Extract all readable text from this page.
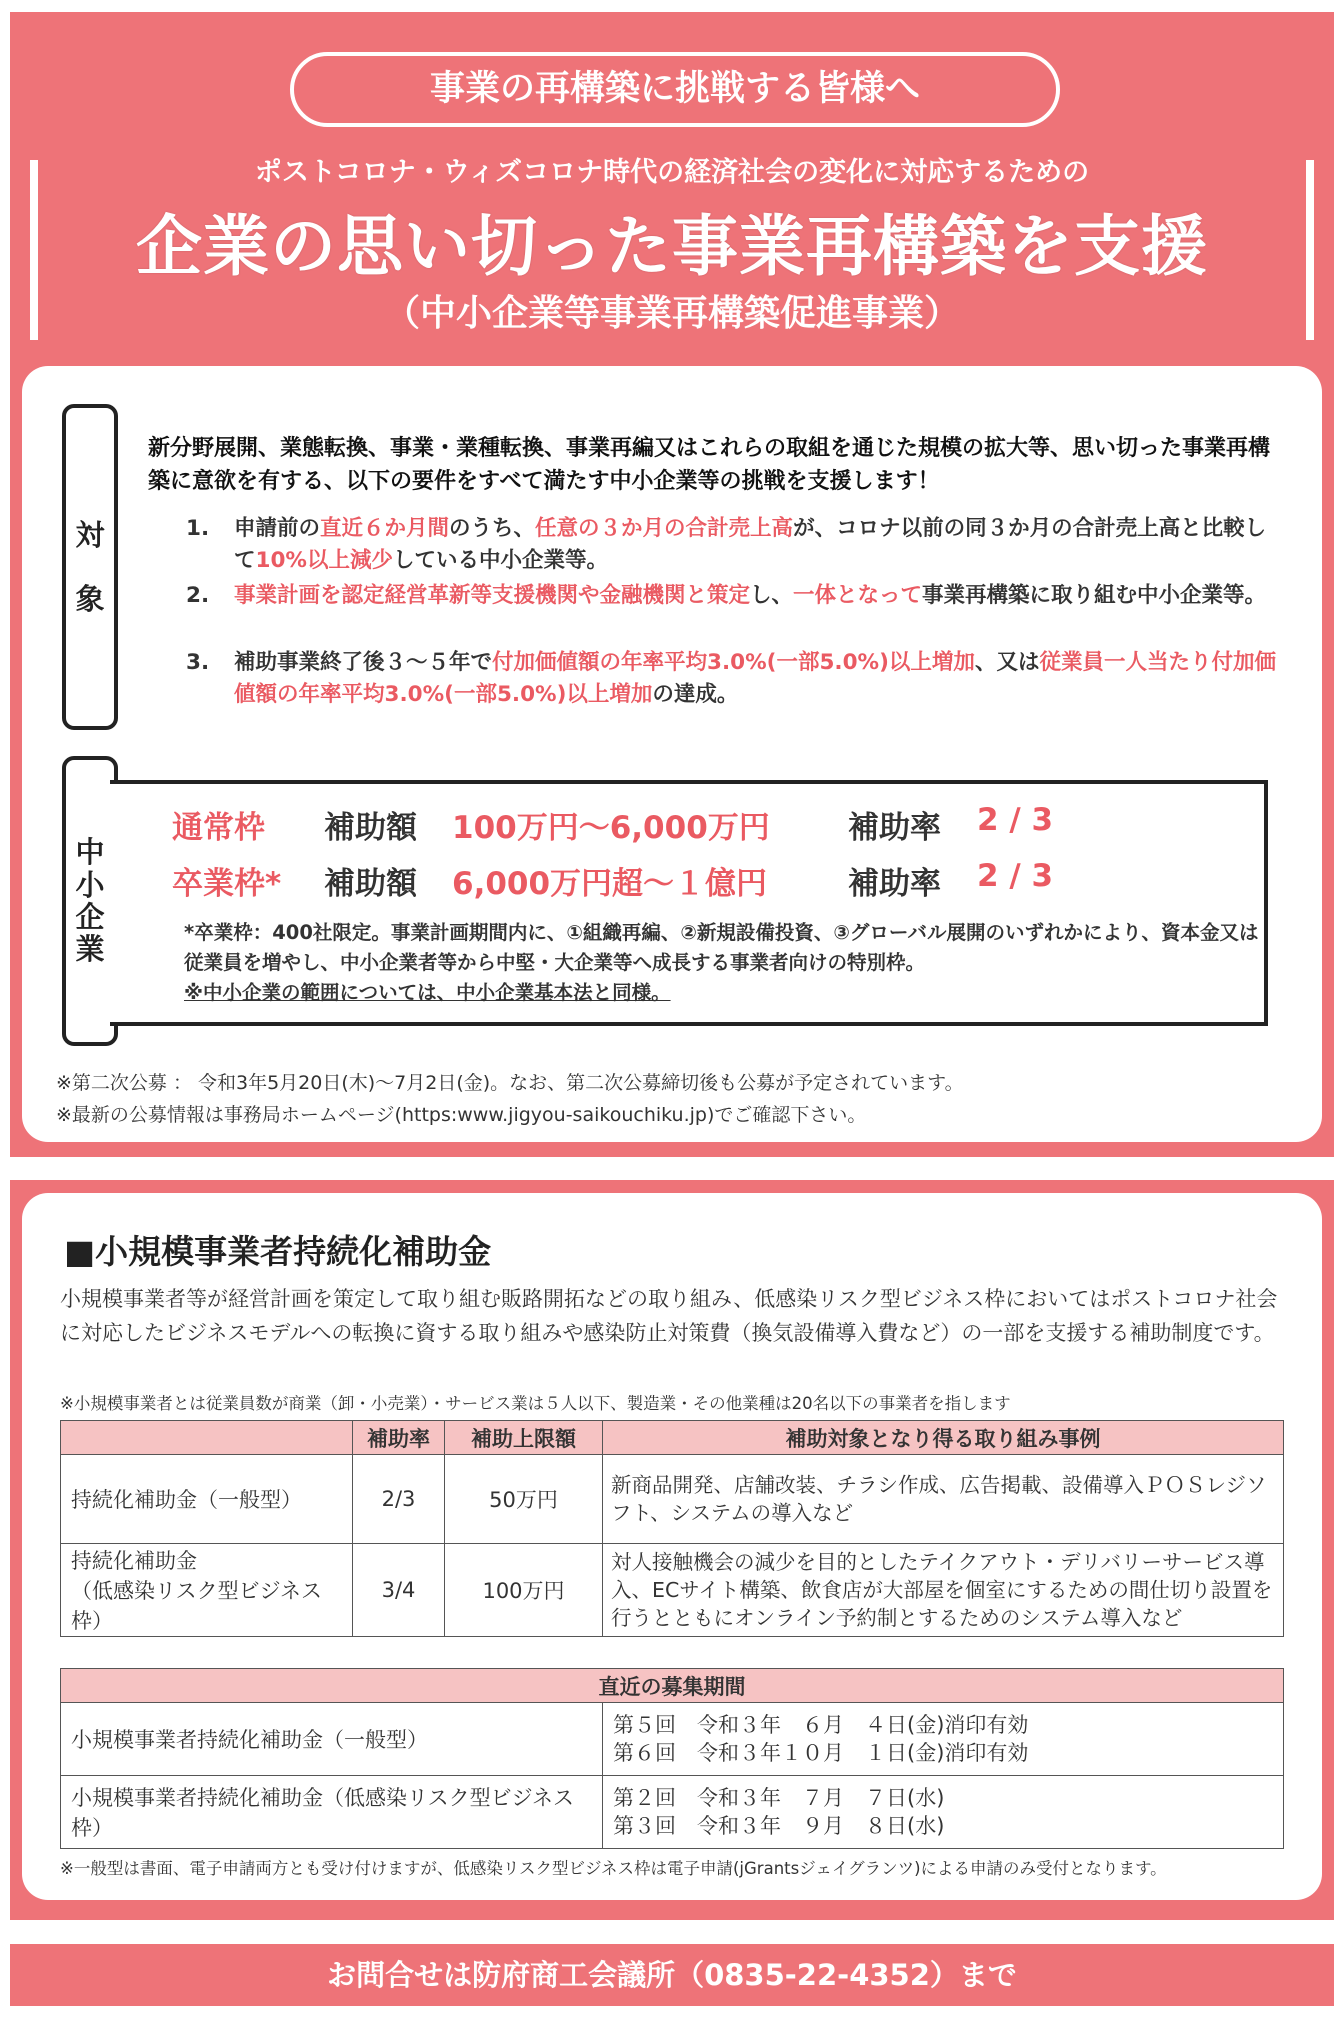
事業の再構築に挑戦する皆様へ
ポストコロナ・ウィズコロナ時代の経済社会の変化に対応するための
企業の思い切った事業再構築を支援
（中小企業等事業再構築促進事業）
対
象
新分野展開、業態転換、事業・業種転換、事業再編又はこれらの取組を通じた規模の拡大等、思い切った事業再構築に意欲を有する、以下の要件をすべて満たす中小企業等の挑戦を支援します！
1.	申請前の直近６か月間のうち、任意の３か月の合計売上高が、コロナ以前の同３か月の合計売上高と比較して10%以上減少している中小企業等。
2.	事業計画を認定経営革新等支援機関や金融機関と策定し、一体となって事業再構築に取り組む中小企業等。
3.	補助事業終了後３～５年で付加価値額の年率平均3.0%(一部5.0%)以上増加、又は従業員一人当たり付加価値額の年率平均3.0%(一部5.0%)以上増加の達成。
中
小
企
業
通常枠 補助額 100万円～6,000万円	補助率 2 / 3
卒業枠* 補助額 6,000万円超～１億円	補助率 2 / 3
*卒業枠：400社限定。事業計画期間内に、①組織再編、②新規設備投資、③グローバル展開のいずれかにより、資本金又は従業員を増やし、中小企業者等から中堅・大企業等へ成長する事業者向けの特別枠。
※中小企業の範囲については、中小企業基本法と同様。
※第二次公募 ： 令和3年5月20日(木)～7月2日(金)。なお、第二次公募締切後も公募が予定されています。
※最新の公募情報は事務局ホームページ(https:www.jigyou-saikouchiku.jp)でご確認下さい。
■小規模事業者持続化補助金
小規模事業者等が経営計画を策定して取り組む販路開拓などの取り組み、低感染リスク型ビジネス枠においてはポストコロナ社会に対応したビジネスモデルへの転換に資する取り組みや感染防止対策費（換気設備導入費など）の一部を支援する補助制度です。
※小規模事業者とは従業員数が商業（卸・小売業）・サービス業は５人以下、製造業・その他業種は20名以下の事業者を指します
	補助率	補助上限額	補助対象となり得る取り組み事例
持続化補助金（一般型）	2/3	50万円	新商品開発、店舗改装、チラシ作成、広告掲載、設備導入ＰＯＳレジソフト、システムの導入など

持続化補助金
（低感染リスク型ビジネス枠）	3/4	100万円	対人接触機会の減少を目的としたテイクアウト・デリバリーサービス導入、ECサイト構築、飲食店が大部屋を個室にするための間仕切り設置を行うとともにオンライン予約制とするためのシステム導入など
直近の募集期間	
小規模事業者持続化補助金（一般型）	第５回　令和３年　６月　４日(金)消印有効
第６回　令和３年１０月　１日(金)消印有効

小規模事業者持続化補助金（低感染リスク型ビジネス枠）	第２回　令和３年　７月　７日(水)
第３回　令和３年　９月　８日(水)
※一般型は書面、電子申請両方とも受け付けますが、低感染リスク型ビジネス枠は電子申請(jGrantsジェイグランツ)による申請のみ受付となります。
お問合せは防府商工会議所（0835-22-4352）まで
